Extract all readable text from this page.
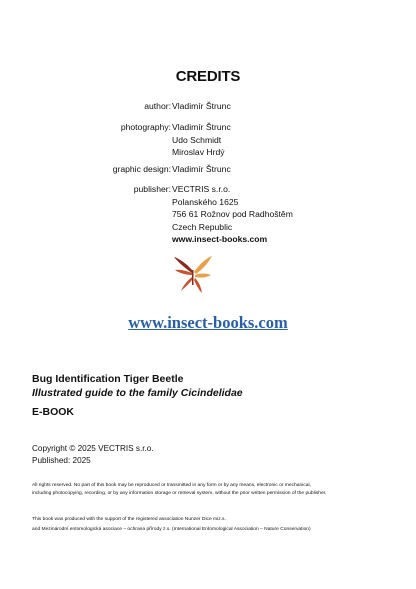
CREDITS
author: Vladimír Štrunc
photography: Vladimír Štrunc
Udo Schmidt
Miroslav Hrdý
graphic design: Vladimír Štrunc
publisher: VECTRIS s.r.o.
Polanského 1625
756 61 Rožnov pod Radhoštěm
Czech Republic
www.insect-books.com
www.insect-books.com
Bug Identification Tiger Beetle
Illustrated guide to the family Cicindelidae
E-BOOK
Copyright © 2025 VECTRIS s.r.o.
Published: 2025
All rights reserved. No part of this book may be reproduced or transmitted in any form or by any means, electronic or mechanical,
including photocopying, recording, or by any information storage or retrieval system, without the prior written permission of the publisher.
This book was produced with the support of the registered association Nunzer Dice miz.s.
and Mezinárodní entomologická asociace – ochrana přírody z.s. (International Entomological Association – Nature Conservation)
